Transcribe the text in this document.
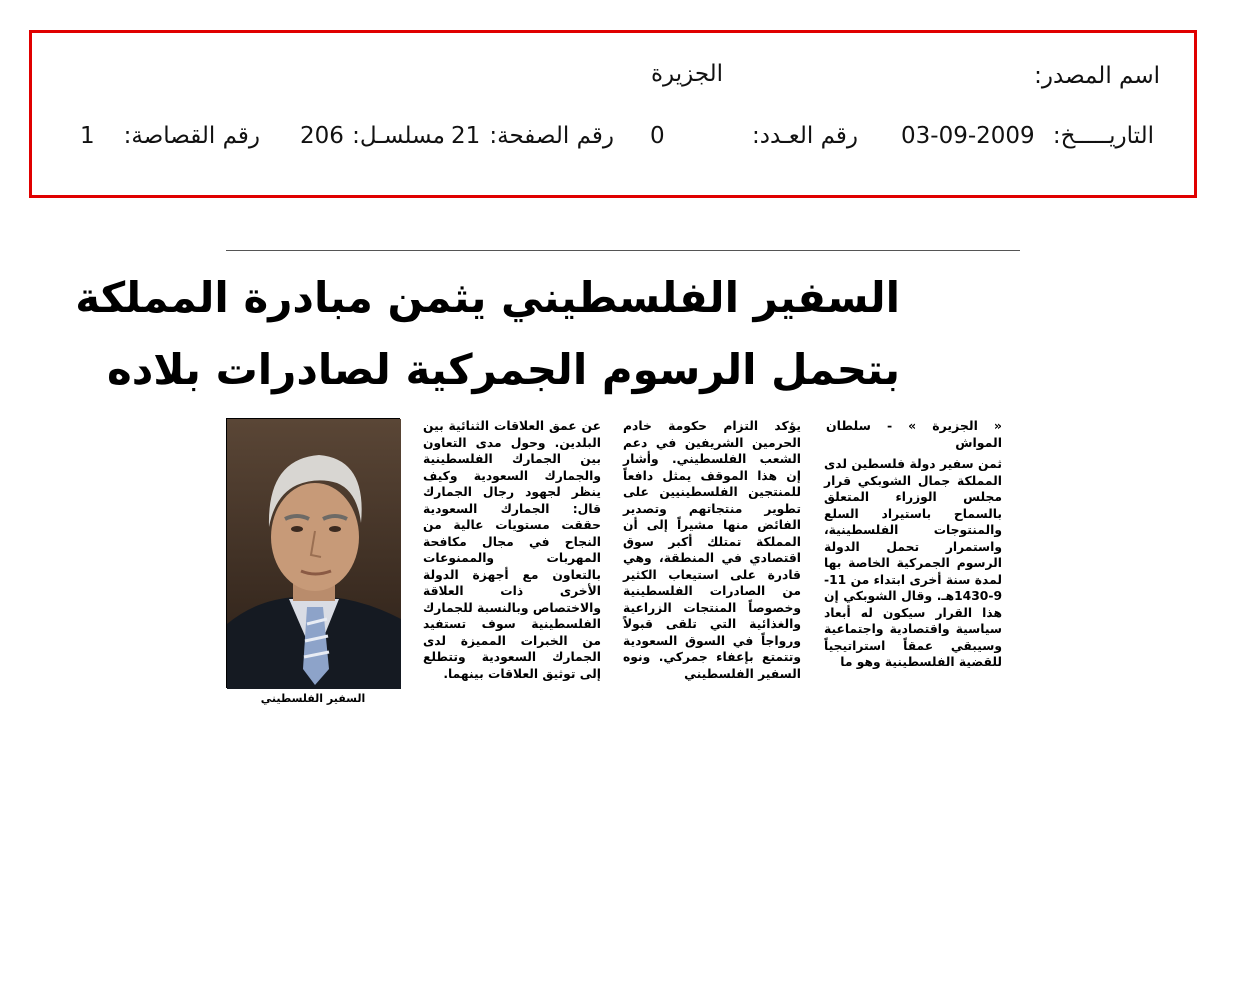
اسم المصدر:
الجزيرة
التاريـــــخ:
03-09-2009
رقم العـدد:
0
رقم الصفحة:
21
مسلسـل:
206
رقم القصاصة:
1
السفير الفلسطيني يثمن مبادرة المملكة
بتحمل الرسوم الجمركية لصادرات بلاده
« الجزيرة » - سلطان المواش
ثمن سفير دولة فلسطين لدى المملكة جمال الشوبكي قرار مجلس الوزراء المتعلق بالسماح باستيراد السلع والمنتوجات الفلسطينية، واستمرار تحمل الدولة الرسوم الجمركية الخاصة بها لمدة سنة أخرى ابتداء من 11-9-1430هـ. وقال الشوبكي إن هذا القرار سيكون له أبعاد سياسية واقتصادية واجتماعية وسيبقي عمقاً استراتيجياً للقضية الفلسطينية وهو ما
يؤكد التزام حكومة خادم الحرمين الشريفين في دعم الشعب الفلسطيني. وأشار إن هذا الموقف يمثل دافعاً للمنتجين الفلسطينيين على تطوير منتجاتهم وتصدير الفائض منها مشيراً إلى أن المملكة تمتلك أكبر سوق اقتصادي في المنطقة، وهي قادرة على استيعاب الكثير من الصادرات الفلسطينية وخصوصاً المنتجات الزراعية والغذائية التي تلقى قبولاً ورواجاً في السوق السعودية وتتمتع بإعفاء جمركي. ونوه السفير الفلسطيني
عن عمق العلاقات الثنائية بين البلدين. وحول مدى التعاون بين الجمارك الفلسطينية والجمارك السعودية وكيف ينظر لجهود رجال الجمارك قال: الجمارك السعودية حققت مستويات عالية من النجاح في مجال مكافحة المهربات والممنوعات بالتعاون مع أجهزة الدولة الأخرى ذات العلاقة والاختصاص وبالنسبة للجمارك الفلسطينية سوف تستفيد من الخبرات المميزة لدى الجمارك السعودية وتتطلع إلى توثيق العلاقات بينهما.
السفير الفلسطيني
